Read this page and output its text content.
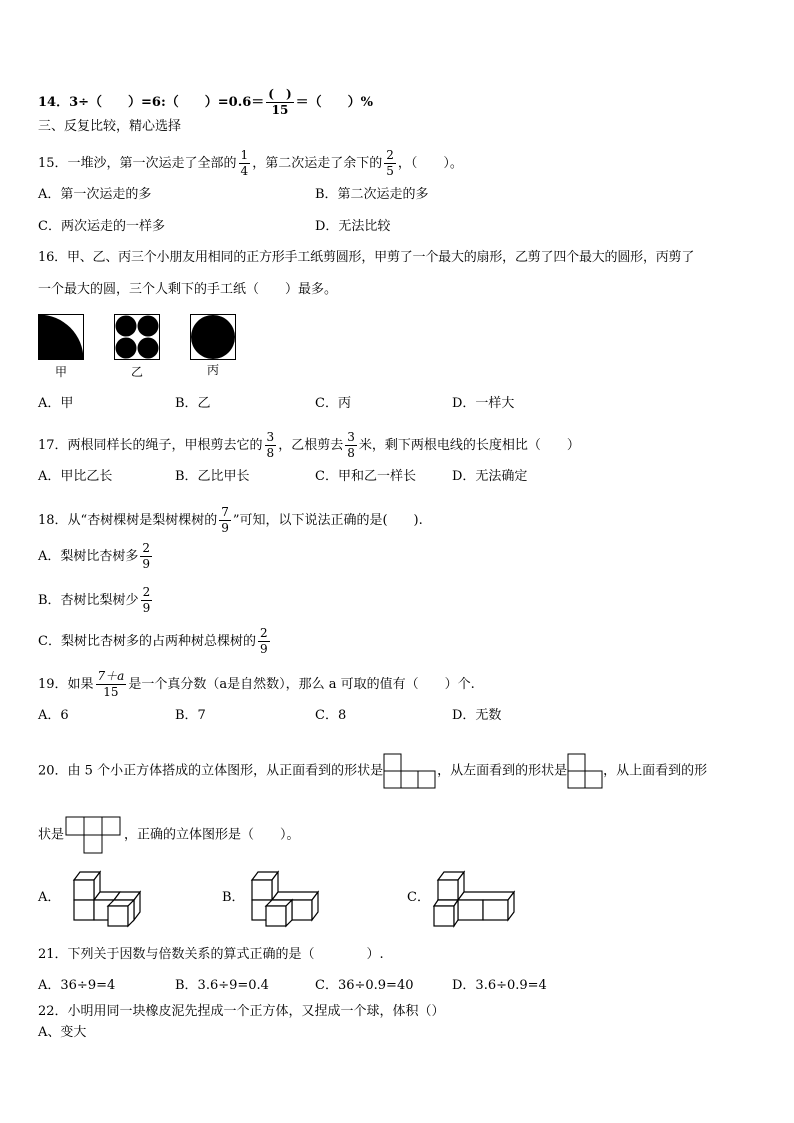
14．3÷（　　）=6:（　　）$=0.6= \frac{( )}{15}$ ＝（　　）%
三、反复比较，精心选择
15．一堆沙，第一次运走了全部的 $\frac{1}{4}$ ，第二次运走了余下的 $\frac{2}{5}$ ，（　　）。
A．第一次运走的多	B．第二次运走的多
C．两次运走的一样多	D．无法比较
16．甲、乙、丙三个小朋友用相同的正方形手工纸剪圆形，甲剪了一个最大的扇形，乙剪了四个最大的圆形，丙剪了
一个最大的圆，三个人剩下的手工纸（　　）最多。
甲	乙	丙
A．甲	B．乙	C．丙	D．一样大
17．两根同样长的绳子，甲根剪去它的 $\frac{3}{8}$ ，乙根剪去 $\frac{3}{8}$ 米，剩下两根电线的长度相比（　　）
A．甲比乙长	B．乙比甲长	C．甲和乙一样长	D．无法确定
18．从“杏树棵树是梨树棵树的 $\frac{7}{9}$ ”可知，以下说法正确的是(　　).
A．梨树比杏树多 $\frac{2}{9}$
B．杏树比梨树少 $\frac{2}{9}$
C．梨树比杏树多的占两种树总棵树的 $\frac{2}{9}$
19．如果 $\frac{7+a}{15}$ 是一个真分数（a是自然数），那么 a 可取的值有（　　）个.
A．6	B．7	C．8	D．无数
20．由 5 个小正方体搭成的立体图形，从正面看到的形状是	，从左面看到的形状是	，从上面看到的形
状是	，正确的立体图形是（　　）。
A．	B．	C．
21．下列关于因数与倍数关系的算式正确的是（　　　　）.
A．36÷9=4	B．3.6÷9=0.4	C．36÷0.9=40	D．3.6÷0.9=4
22．小明用同一块橡皮泥先捏成一个正方体，又捏成一个球，体积（）
A、变大
